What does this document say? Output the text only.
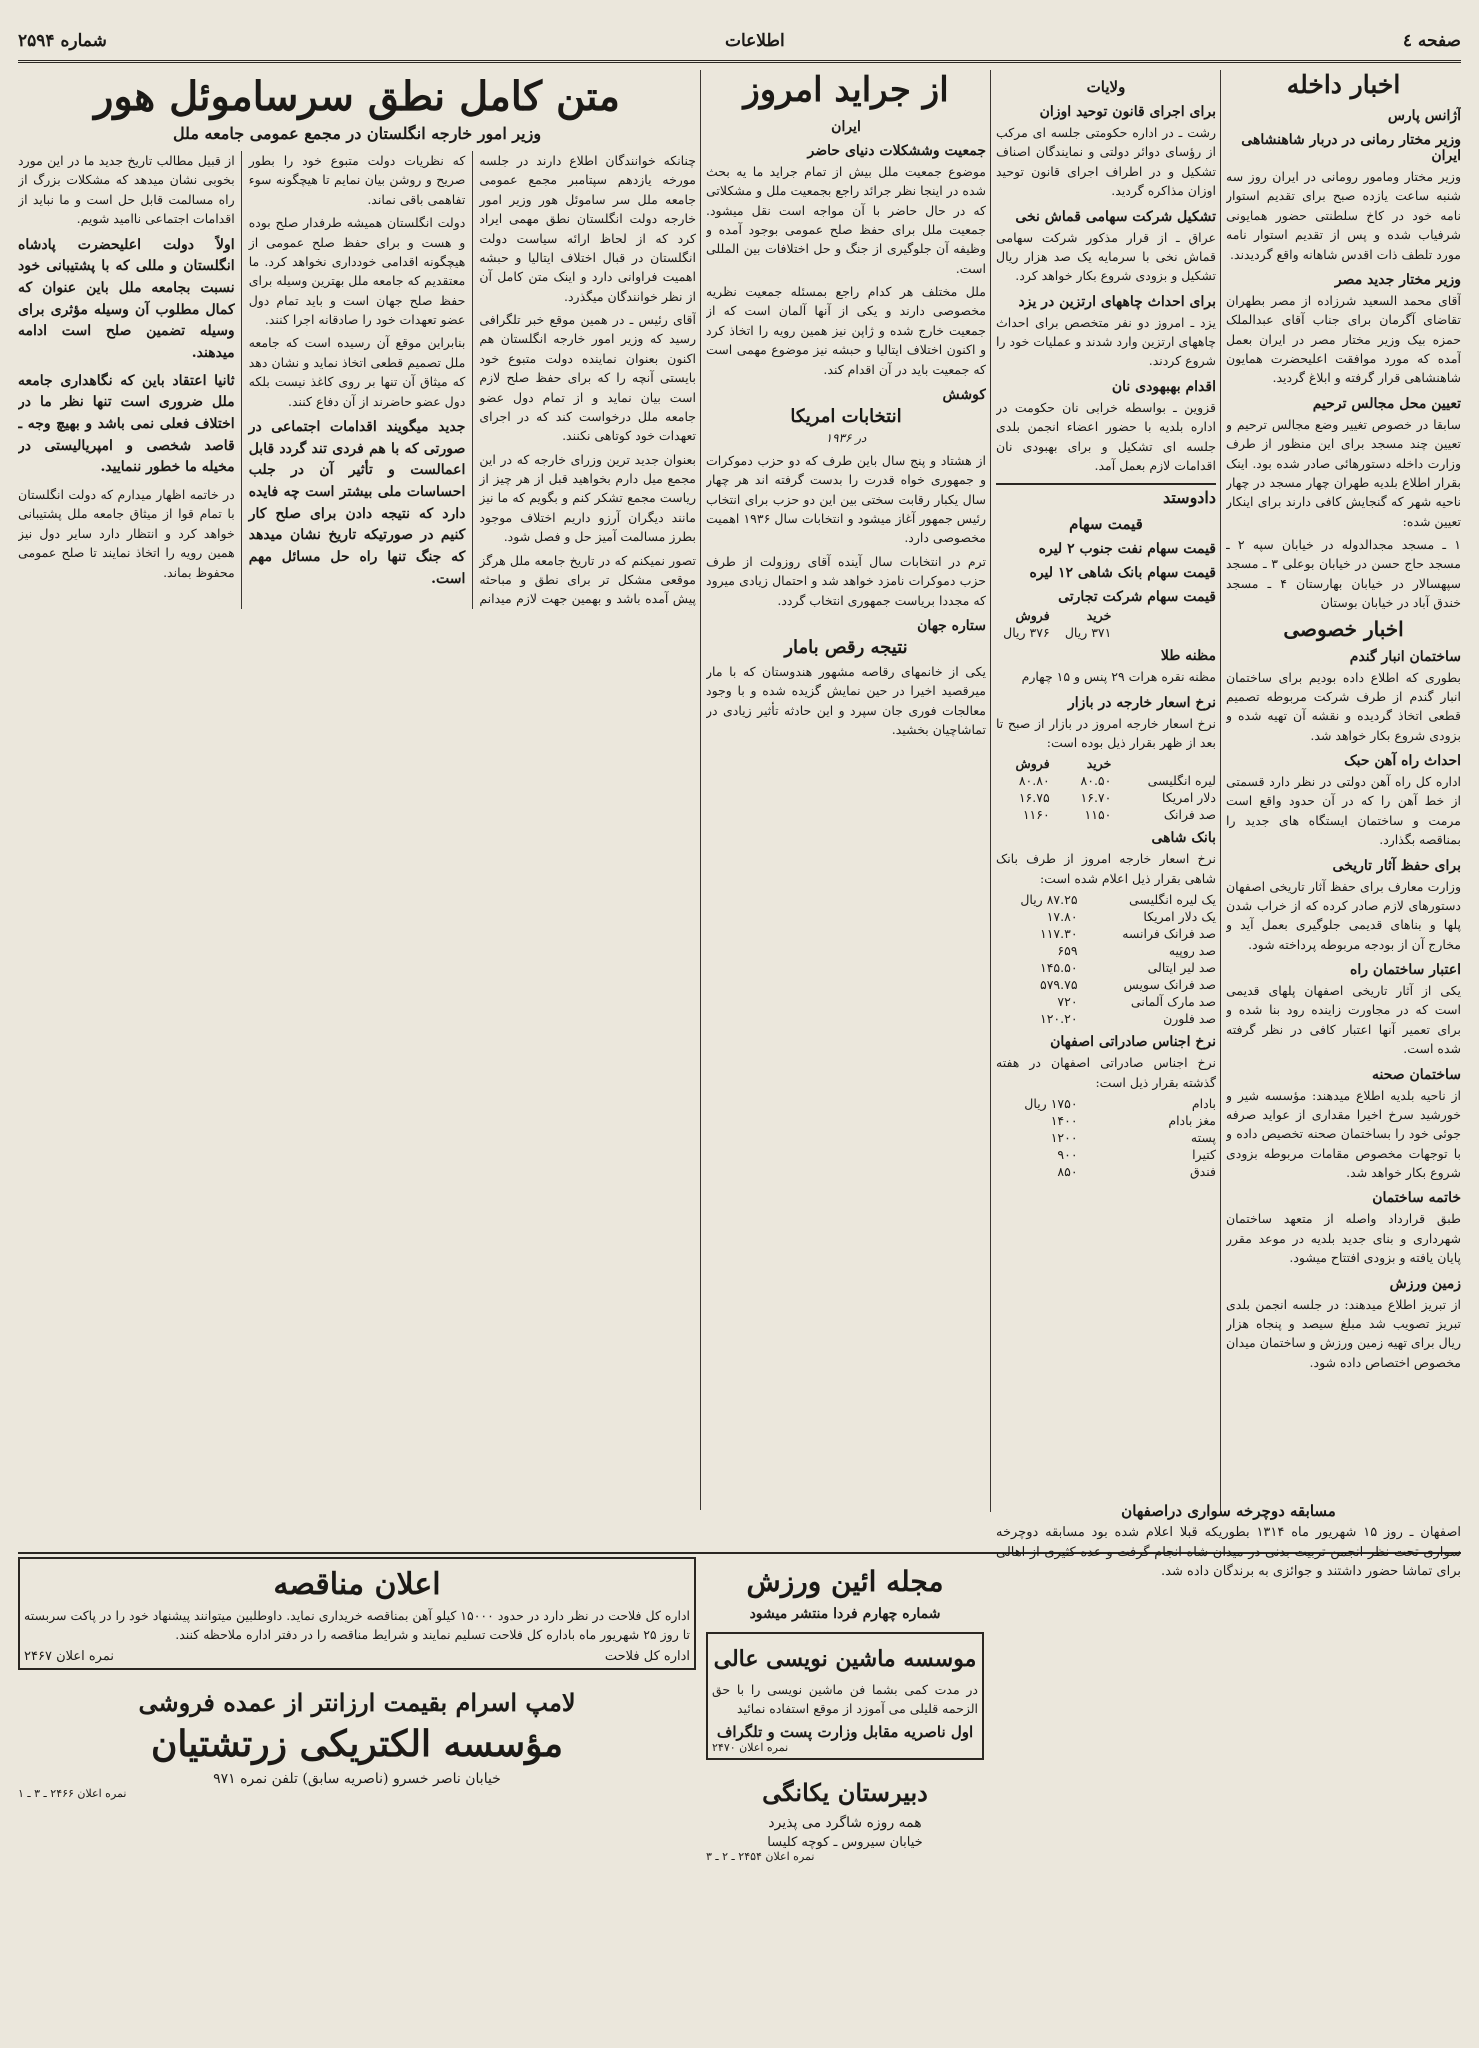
صفحه ٤
اطلاعات
شماره ۲۵۹۴
اخبار داخله
آژانس پارس
وزیر مختار رمانی در دربار شاهنشاهی ایران

وزیر مختار ومامور رومانی در ایران روز سه شنبه ساعت یازده صبح برای تقدیم استوار نامه خود در کاخ سلطنتی حضور همایونی شرفیاب شده و پس از تقدیم استوار نامه مورد تلطف ذات اقدس شاهانه واقع گردیدند.

وزیر مختار جدید مصر

آقای محمد السعید شرزاده از مصر بطهران تقاضای آگرمان برای جناب آقای عبدالملک حمزه بیک وزیر مختار مصر در ایران بعمل آمده که مورد موافقت اعلیحضرت همایون شاهنشاهی قرار گرفته و ابلاغ گردید.

تعیین محل مجالس ترحیم

سابقا در خصوص تغییر وضع مجالس ترحیم و تعیین چند مسجد برای این منظور از طرف وزارت داخله دستورهائی صادر شده بود. اینک بقرار اطلاع بلدیه طهران چهار مسجد در چهار ناحیه شهر که گنجایش کافی دارند برای اینکار تعیین شده:

۱ ـ مسجد مجدالدوله در خیابان سپه ۲ ـ مسجد حاج حسن در خیابان بوعلی ۳ ـ مسجد سپهسالار در خیابان بهارستان ۴ ـ مسجد خندق آباد در خیابان بوستان

اخبار خصوصی
ساختمان انبار گندم

بطوری که اطلاع داده بودیم برای ساختمان انبار گندم از طرف شرکت مربوطه تصمیم قطعی اتخاذ گردیده و نقشه آن تهیه شده و بزودی شروع بکار خواهد شد.

احداث راه آهن حبک

اداره کل راه آهن دولتی در نظر دارد قسمتی از خط آهن را که در آن حدود واقع است مرمت و ساختمان ایستگاه های جدید را بمناقصه بگذارد.

برای حفظ آثار تاریخی

وزارت معارف برای حفظ آثار تاریخی اصفهان دستورهای لازم صادر کرده که از خراب شدن پلها و بناهای قدیمی جلوگیری بعمل آید و مخارج آن از بودجه مربوطه پرداخته شود.

اعتبار ساختمان راه

یکی از آثار تاریخی اصفهان پلهای قدیمی است که در مجاورت زاینده رود بنا شده و برای تعمیر آنها اعتبار کافی در نظر گرفته شده است.

ساختمان صحنه

از ناحیه بلدیه اطلاع میدهند: مؤسسه شیر و خورشید سرخ اخیرا مقداری از عواید صرفه جوئی خود را بساختمان صحنه تخصیص داده و با توجهات مخصوص مقامات مربوطه بزودی شروع بکار خواهد شد.

خاتمه ساختمان

طبق قرارداد واصله از متعهد ساختمان شهرداری و بنای جدید بلدیه در موعد مقرر پایان یافته و بزودی افتتاح میشود.

زمین ورزش

از تبریز اطلاع میدهند: در جلسه انجمن بلدی تبریز تصویب شد مبلغ سیصد و پنجاه هزار ریال برای تهیه زمین ورزش و ساختمان میدان مخصوص اختصاص داده شود.

ولایات
برای اجرای قانون توحید اوزان

رشت ـ در اداره حکومتی جلسه ای مرکب از رؤسای دوائر دولتی و نمایندگان اصناف تشکیل و در اطراف اجرای قانون توحید اوزان مذاکره گردید.

تشکیل شرکت سهامی قماش نخی

عراق ـ از قرار مذکور شرکت سهامی قماش نخی با سرمایه یک صد هزار ریال تشکیل و بزودی شروع بکار خواهد کرد.

برای احداث چاههای ارتزین در یزد

یزد ـ امروز دو نفر متخصص برای احداث چاههای ارتزین وارد شدند و عملیات خود را شروع کردند.

اقدام بهبهودی نان

قزوین ـ بواسطه خرابی نان حکومت در اداره بلدیه با حضور اعضاء انجمن بلدی جلسه ای تشکیل و برای بهبودی نان اقدامات لازم بعمل آمد.

دادوستد
قیمت سهام
قیمت سهام نفت جنوب ۲ لیره
قیمت سهام بانک شاهی ۱۲ لیره
قیمت سهام شرکت تجارتی
خرید
فروش
۳۷۱ ریال
۳۷۶ ریال
مظنه طلا

مظنه نقره هرات ۲۹ پنس و ۱۵ چهارم

نرخ اسعار خارجه در بازار

نرخ اسعار خارجه امروز در بازار از صبح تا بعد از ظهر بقرار ذیل بوده است:

خرید
فروش
لیره انگلیسی
۸۰.۵۰
۸۰.۸۰
دلار امریکا
۱۶.۷۰
۱۶.۷۵
صد فرانک
۱۱۵۰
۱۱۶۰
بانک شاهی

نرخ اسعار خارجه امروز از طرف بانک شاهی بقرار ذیل اعلام شده است:

یک لیره انگلیسی
۸۷.۲۵ ریال
یک دلار امریکا
۱۷.۸۰
صد فرانک فرانسه
۱۱۷.۳۰
صد روپیه
۶۵۹
صد لیر ایتالی
۱۴۵.۵۰
صد فرانک سویس
۵۷۹.۷۵
صد مارک آلمانی
۷۲۰
صد فلورن
۱۲۰.۲۰
نرخ اجناس صادراتی اصفهان

نرخ اجناس صادراتی اصفهان در هفته گذشته بقرار ذیل است:

بادام
۱۷۵۰ ریال
مغز بادام
۱۴۰۰
پسته
۱۲۰۰
کتیرا
۹۰۰
فندق
۸۵۰
از جراید امروز
ایران
جمعیت وششکلات دنیای حاضر

موضوع جمعیت ملل بیش از تمام جراید ما یه بحث شده در اینجا نظر جرائد راجع بجمعیت ملل و مشکلاتی که در حال حاضر با آن مواجه است نقل میشود. جمعیت ملل برای حفظ صلح عمومی بوجود آمده و وظیفه آن جلوگیری از جنگ و حل اختلافات بین المللی است.

ملل مختلف هر کدام راجع بمسئله جمعیت نظریه مخصوصی دارند و یکی از آنها آلمان است که از جمعیت خارج شده و ژاپن نیز همین رویه را اتخاذ کرد و اکنون اختلاف ایتالیا و حبشه نیز موضوع مهمی است که جمعیت باید در آن اقدام کند.

کوشش
انتخابات امریکا
در ۱۹۳۶

از هشتاد و پنج سال باین طرف که دو حزب دموکرات و جمهوری خواه قدرت را بدست گرفته اند هر چهار سال یکبار رقابت سختی بین این دو حزب برای انتخاب رئیس جمهور آغاز میشود و انتخابات سال ۱۹۳۶ اهمیت مخصوصی دارد.

ترم در انتخابات سال آینده آقای روزولت از طرف حزب دموکرات نامزد خواهد شد و احتمال زیادی میرود که مجددا بریاست جمهوری انتخاب گردد.

ستاره جهان
نتیجه رقص بامار

یکی از خانمهای رقاصه مشهور هندوستان که با مار میرقصید اخیرا در حین نمایش گزیده شده و با وجود معالجات فوری جان سپرد و این حادثه تأثیر زیادی در تماشاچیان بخشید.

متن کامل نطق سرساموئل هور
وزیر امور خارجه انگلستان در مجمع عمومی جامعه ملل

چنانکه خوانندگان اطلاع دارند در جلسه مورخه یازدهم سپتامبر مجمع عمومی جامعه ملل سر ساموئل هور وزیر امور خارجه دولت انگلستان نطق مهمی ایراد کرد که از لحاظ ارائه سیاست دولت انگلستان در قبال اختلاف ایتالیا و حبشه اهمیت فراوانی دارد و اینک متن کامل آن از نظر خوانندگان میگذرد.

آقای رئیس ـ در همین موقع خبر تلگرافی رسید که وزیر امور خارجه انگلستان هم اکنون بعنوان نماینده دولت متبوع خود بایستی آنچه را که برای حفظ صلح لازم است بیان نماید و از تمام دول عضو جامعه ملل درخواست کند که در اجرای تعهدات خود کوتاهی نکنند.

بعنوان جدید ترین وزرای خارجه که در این مجمع میل دارم بخواهید قبل از هر چیز از ریاست مجمع تشکر کنم و بگویم که ما نیز مانند دیگران آرزو داریم اختلاف موجود بطرز مسالمت آمیز حل و فصل شود.

تصور نمیکنم که در تاریخ جامعه ملل هرگز موقعی مشکل تر برای نطق و مباحثه پیش آمده باشد و بهمین جهت لازم میدانم که نظریات دولت متبوع خود را بطور صریح و روشن بیان نمایم تا هیچگونه سوء تفاهمی باقی نماند.

دولت انگلستان همیشه طرفدار صلح بوده و هست و برای حفظ صلح عمومی از هیچگونه اقدامی خودداری نخواهد کرد. ما معتقدیم که جامعه ملل بهترین وسیله برای حفظ صلح جهان است و باید تمام دول عضو تعهدات خود را صادقانه اجرا کنند.

بنابراین موقع آن رسیده است که جامعه ملل تصمیم قطعی اتخاذ نماید و نشان دهد که میثاق آن تنها بر روی کاغذ نیست بلکه دول عضو حاضرند از آن دفاع کنند.

جدید میگویند اقدامات اجتماعی در صورتی که با هم فردی تند گردد قابل اعمالست و تأثیر آن در جلب احساسات ملی بیشتر است چه فایده دارد که نتیجه دادن برای صلح کار کنیم در صورتیکه تاریخ نشان میدهد که جنگ تنها راه حل مسائل مهم است.

از قبیل مطالب تاریخ جدید ما در این مورد بخوبی نشان میدهد که مشکلات بزرگ از راه مسالمت قابل حل است و ما نباید از اقدامات اجتماعی ناامید شویم.

اولاً دولت اعلیحضرت پادشاه انگلستان و مللی که با پشتیبانی خود نسبت بجامعه ملل باین عنوان که کمال مطلوب آن وسیله مؤثری برای وسیله تضمین صلح است ادامه میدهند.
ثانیا اعتقاد باین که نگاهداری جامعه ملل ضروری است تنها نظر ما در اختلاف فعلی نمی باشد و بهیچ وجه ـ قاصد شخصی و امپریالیستی در مخیله ما خطور ننمایید.

در خاتمه اظهار میدارم که دولت انگلستان با تمام قوا از میثاق جامعه ملل پشتیبانی خواهد کرد و انتظار دارد سایر دول نیز همین رویه را اتخاذ نمایند تا صلح عمومی محفوظ بماند.

اعلان مناقصه
اداره کل فلاحت در نظر دارد در حدود ۱۵۰۰۰ کیلو آهن بمناقصه خریداری نماید. داوطلبین میتوانند پیشنهاد خود را در پاکت سربسته تا روز ۲۵ شهریور ماه باداره کل فلاحت تسلیم نمایند و شرایط مناقصه را در دفتر اداره ملاحظه کنند.
اداره کل فلاحت
نمره اعلان ۲۴۶۷
لامپ اسرام بقیمت ارزانتر از عمده فروشی
مؤسسه الکتریکی زرتشتیان
خیابان ناصر خسرو (ناصریه سابق) تلفن نمره ۹۷۱
نمره اعلان ۲۴۶۶ ـ ۳ ـ ۱
مجله ائین ورزش
شماره چهارم فردا منتشر میشود
موسسه ماشین نویسی عالی
در مدت کمی بشما فن ماشین نویسی را با حق الزحمه قلیلی می آموزد از موقع استفاده نمائید
اول ناصریه مقابل وزارت پست و تلگراف
نمره اعلان ۲۴۷۰
دبیرستان یکانگی
همه روزه شاگرد می پذیرد
خیابان سیروس ـ کوچه کلیسا
نمره اعلان ۲۴۵۴ ـ ۲ ـ ۳
مسابقه دوچرخه سواری دراصفهان
اصفهان ـ روز ۱۵ شهریور ماه ۱۳۱۴ بطوریکه قبلا اعلام شده بود مسابقه دوچرخه سواری تحت نظر انجمن تربیت بدنی در میدان شاه انجام گرفت و عده کثیری از اهالی برای تماشا حضور داشتند و جوائزی به برندگان داده شد.
